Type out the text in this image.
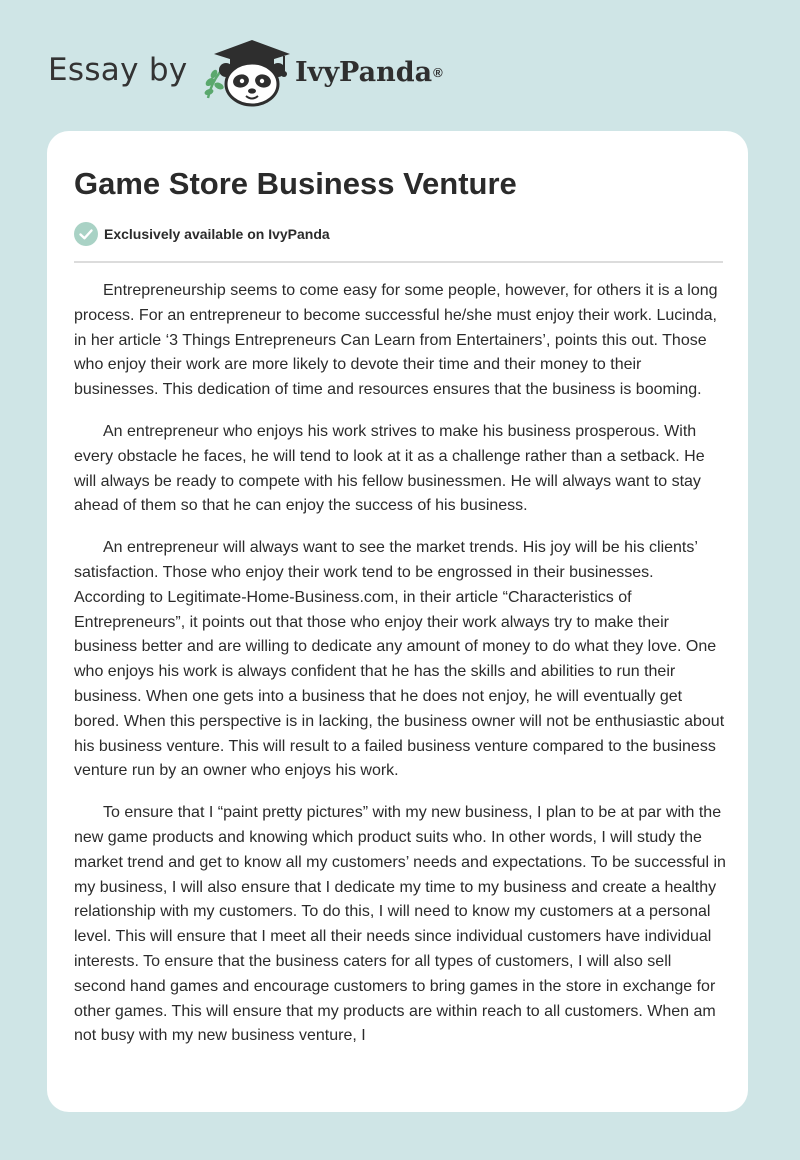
Essay by	IvyPanda®
Game Store Business Venture
Exclusively available on IvyPanda

Entrepreneurship seems to come easy for some people, however, for others it is a long process. For an entrepreneur to become successful he/she must enjoy their work. Lucinda, in her article ‘3 Things Entrepreneurs Can Learn from Entertainers’, points this out. Those who enjoy their work are more likely to devote their time and their money to their businesses. This dedication of time and resources ensures that the business is booming.

An entrepreneur who enjoys his work strives to make his business prosperous. With every obstacle he faces, he will tend to look at it as a challenge rather than a setback. He will always be ready to compete with his fellow businessmen. He will always want to stay ahead of them so that he can enjoy the success of his business.

An entrepreneur will always want to see the market trends. His joy will be his clients’ satisfaction. Those who enjoy their work tend to be engrossed in their businesses. According to Legitimate-Home-Business.com, in their article “Characteristics of Entrepreneurs”, it points out that those who enjoy their work always try to make their business better and are willing to dedicate any amount of money to do what they love. One who enjoys his work is always confident that he has the skills and abilities to run their business. When one gets into a business that he does not enjoy, he will eventually get bored. When this perspective is in lacking, the business owner will not be enthusiastic about his business venture. This will result to a failed business venture compared to the business venture run by an owner who enjoys his work.

To ensure that I “paint pretty pictures” with my new business, I plan to be at par with the new game products and knowing which product suits who. In other words, I will study the market trend and get to know all my customers’ needs and expectations. To be successful in my business, I will also ensure that I dedicate my time to my business and create a healthy relationship with my customers. To do this, I will need to know my customers at a personal level. This will ensure that I meet all their needs since individual customers have individual interests. To ensure that the business caters for all types of customers, I will also sell second hand games and encourage customers to bring games in the store in exchange for other games. This will ensure that my products are within reach to all customers. When am not busy with my new business venture, I
